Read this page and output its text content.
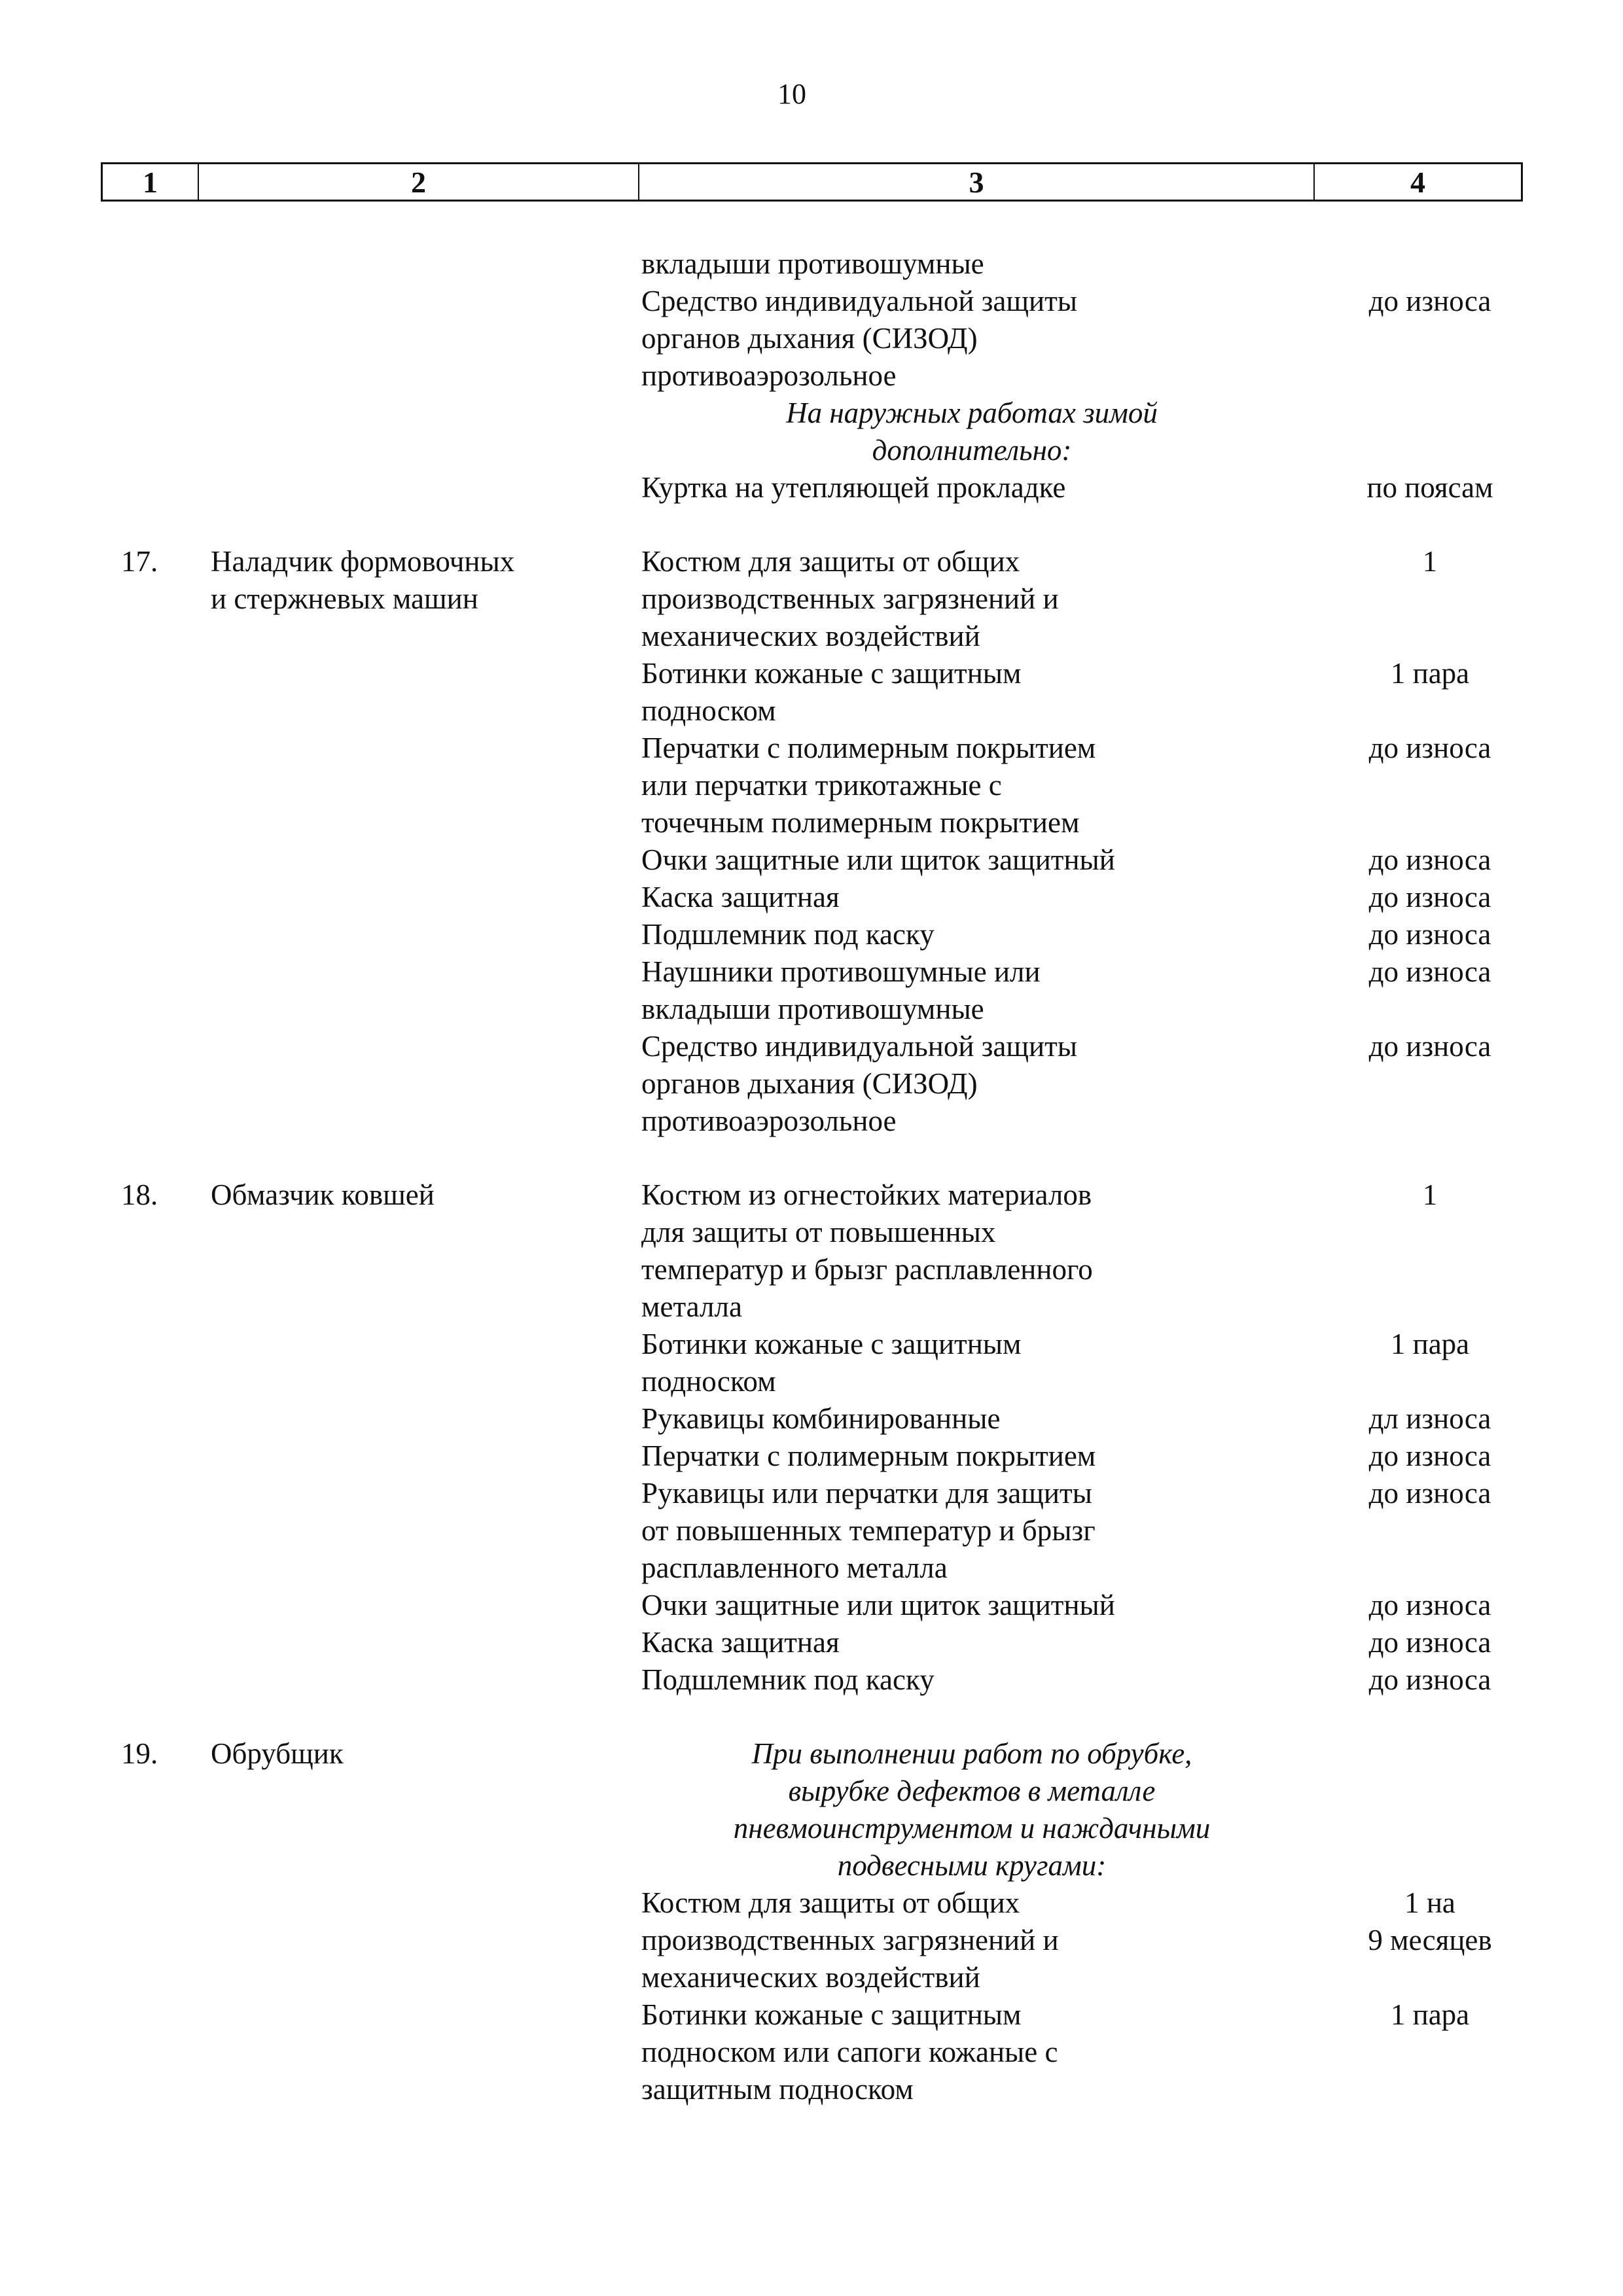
10
1	2	3	4
вкладыши противошумные
Средство индивидуальной защиты	до износа
органов дыхания (СИЗОД)
противоаэрозольное
На наружных работах зимой
дополнительно:
Куртка на утепляющей прокладке	по поясам
17. Наладчик формовочных	Костюм для защиты от общих	1
и стержневых машин	производственных загрязнений и
механических воздействий
Ботинки кожаные с защитным	1 пара
подноском
Перчатки с полимерным покрытием	до износа
или перчатки трикотажные с
точечным полимерным покрытием
Очки защитные или щиток защитный	до износа
Каска защитная	до износа
Подшлемник под каску	до износа
Наушники противошумные или	до износа
вкладыши противошумные
Средство индивидуальной защиты	до износа
органов дыхания (СИЗОД)
противоаэрозольное
18. Обмазчик ковшей	Костюм из огнестойких материалов	1
для защиты от повышенных
температур и брызг расплавленного
металла
Ботинки кожаные с защитным	1 пара
подноском
Рукавицы комбинированные	дл износа
Перчатки с полимерным покрытием	до износа
Рукавицы или перчатки для защиты	до износа
от повышенных температур и брызг
расплавленного металла
Очки защитные или щиток защитный	до износа
Каска защитная	до износа
Подшлемник под каску	до износа
19. Обрубщик	При выполнении работ по обрубке,
вырубке дефектов в металле
пневмоинструментом и наждачными
подвесными кругами:
Костюм для защиты от общих	1 на
производственных загрязнений и	9 месяцев
механических воздействий
Ботинки кожаные с защитным	1 пара
подноском или сапоги кожаные с
защитным подноском
